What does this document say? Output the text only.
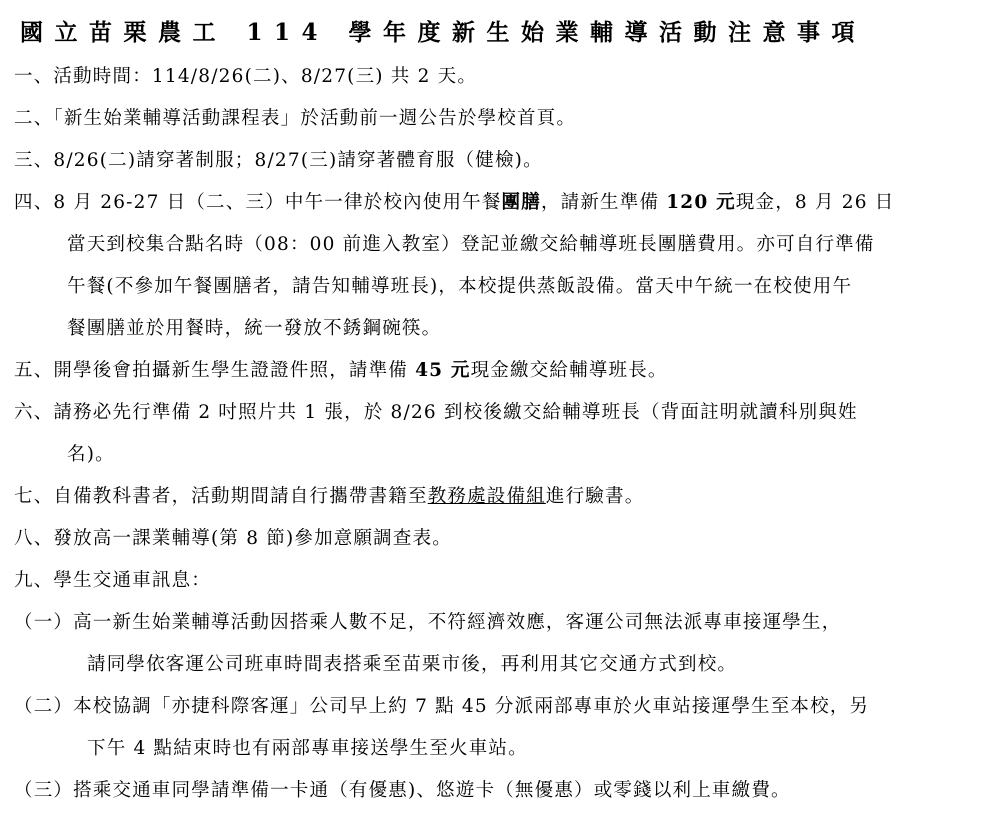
國立苗栗農工 114 學年度新生始業輔導活動注意事項
一、活動時間：114/8/26(二)、8/27(三) 共 2 天。
二、「新生始業輔導活動課程表」於活動前一週公告於學校首頁。
三、8/26(二)請穿著制服；8/27(三)請穿著體育服（健檢)。
四、8 月 26-27 日（二、三）中午一律於校內使用午餐團膳，請新生準備 120 元現金，8 月 26 日
當天到校集合點名時（08：00 前進入教室）登記並繳交給輔導班長團膳費用。亦可自行準備
午餐(不參加午餐團膳者，請告知輔導班長)，本校提供蒸飯設備。當天中午統一在校使用午
餐團膳並於用餐時，統一發放不銹鋼碗筷。
五、開學後會拍攝新生學生證證件照，請準備 45 元現金繳交給輔導班長。
六、請務必先行準備 2 吋照片共 1 張，於 8/26 到校後繳交給輔導班長（背面註明就讀科別與姓
名)。
七、自備教科書者，活動期間請自行攜帶書籍至教務處設備組進行驗書。
八、發放高一課業輔導(第 8 節)參加意願調查表。
九、學生交通車訊息：
（一）高一新生始業輔導活動因搭乘人數不足，不符經濟效應，客運公司無法派專車接運學生，
請同學依客運公司班車時間表搭乘至苗栗市後，再利用其它交通方式到校。
（二）本校協調「亦捷科際客運」公司早上約 7 點 45 分派兩部專車於火車站接運學生至本校，另
下午 4 點結束時也有兩部專車接送學生至火車站。
（三）搭乘交通車同學請準備一卡通（有優惠)、悠遊卡（無優惠）或零錢以利上車繳費。
